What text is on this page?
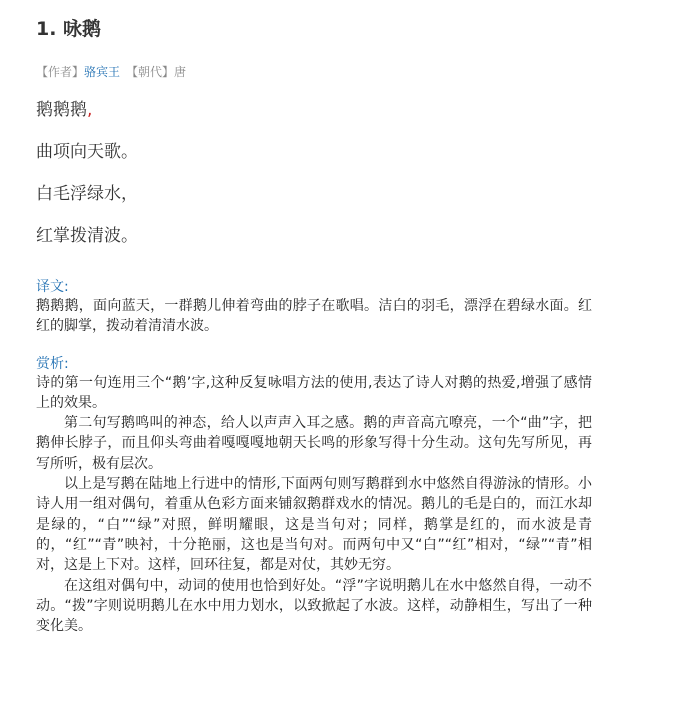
1. 咏鹅
【作者】骆宾王 【朝代】唐
鹅鹅鹅,
曲项向天歌。
白毛浮绿水，
红掌拨清波。
译文:

鹅鹅鹅，面向蓝天，一群鹅儿伸着弯曲的脖子在歌唱。洁白的羽毛，漂浮在碧绿水面。红红的脚掌，拨动着清清水波。

赏析:

诗的第一句连用三个“鹅’字,这种反复咏唱方法的使用,表达了诗人对鹅的热爱,增强了感情上的效果。

第二句写鹅鸣叫的神态，给人以声声入耳之感。鹅的声音高亢嘹亮，一个“曲”字，把鹅伸长脖子，而且仰头弯曲着嘎嘎嘎地朝天长鸣的形象写得十分生动。这句先写所见，再写所听，极有层次。

以上是写鹅在陆地上行进中的情形,下面两句则写鹅群到水中悠然自得游泳的情形。小诗人用一组对偶句，着重从色彩方面来铺叙鹅群戏水的情况。鹅儿的毛是白的，而江水却是绿的，“白”“绿”对照，鲜明耀眼，这是当句对；同样，鹅掌是红的，而水波是青的，“红”“青”映衬，十分艳丽，这也是当句对。而两句中又“白”“红”相对，“绿”“青”相对，这是上下对。这样，回环往复，都是对仗，其妙无穷。

在这组对偶句中，动词的使用也恰到好处。“浮”字说明鹅儿在水中悠然自得，一动不动。“拨”字则说明鹅儿在水中用力划水，以致掀起了水波。这样，动静相生，写出了一种变化美。
